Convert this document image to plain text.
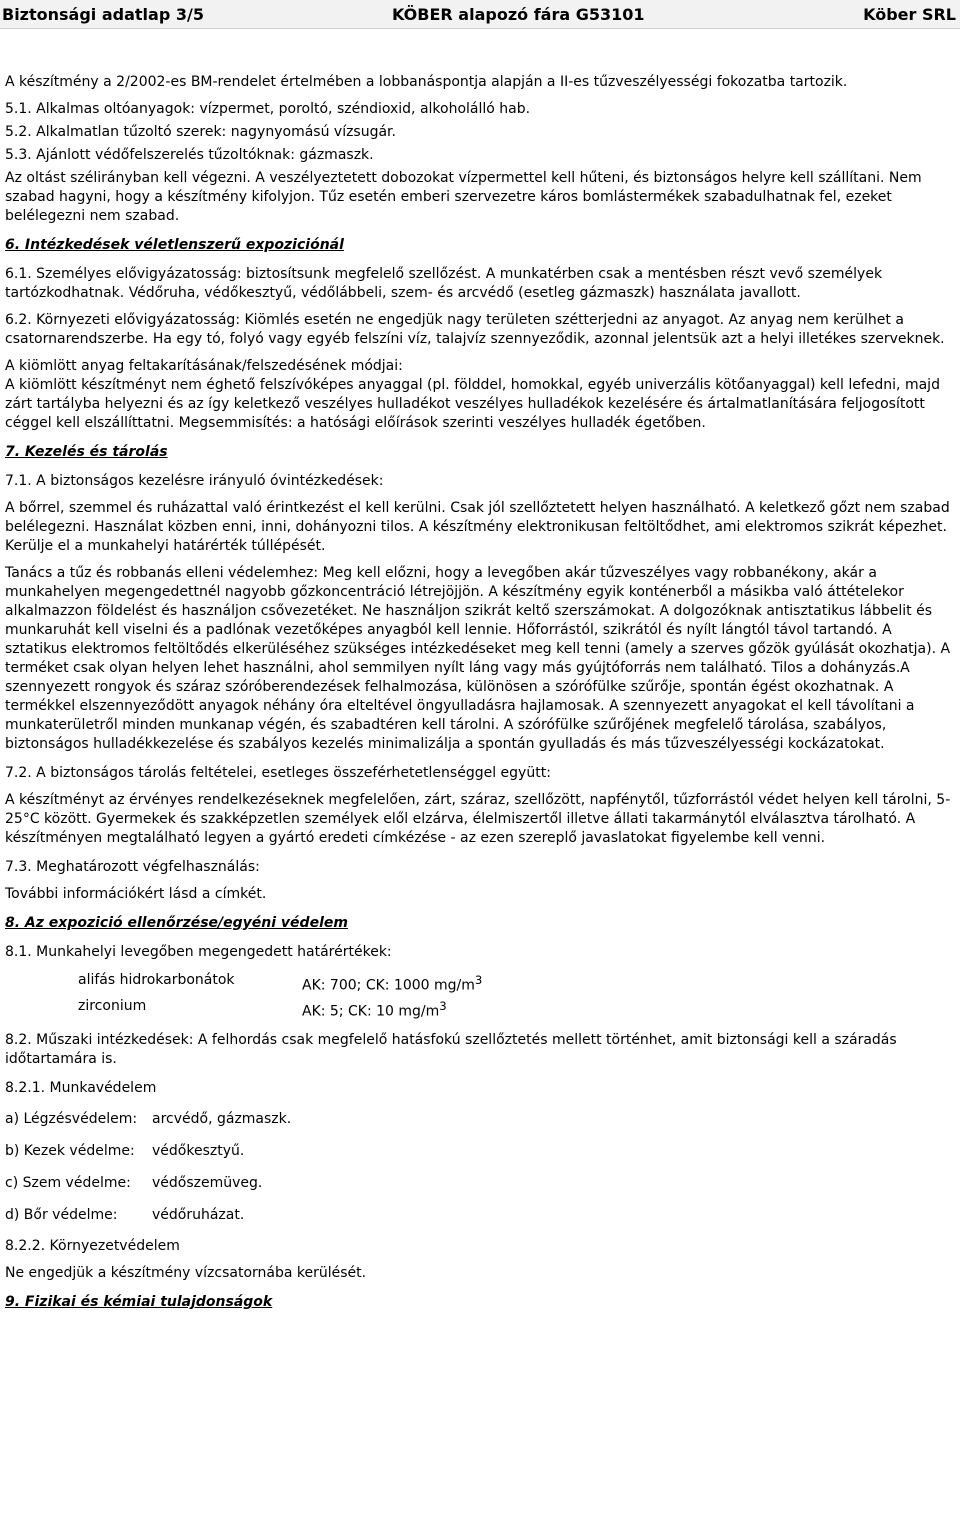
Biztonsági adatlap 3/5	KÖBER alapozó fára G53101	Köber SRL

A készítmény a 2/2002-es BM-rendelet értelmében a lobbanáspontja alapján a II-es tűzveszélyességi fokozatba tartozik.

5.1. Alkalmas oltóanyagok: vízpermet, poroltó, széndioxid, alkoholálló hab.

5.2. Alkalmatlan tűzoltó szerek: nagynyomású vízsugár.

5.3. Ajánlott védőfelszerelés tűzoltóknak: gázmaszk.

Az oltást szélirányban kell végezni. A veszélyeztetett dobozokat vízpermettel kell hűteni, és biztonságos helyre kell szállítani. Nem szabad hagyni, hogy a készítmény kifolyjon. Tűz esetén emberi szervezetre káros bomlástermékek szabadulhatnak fel, ezeket belélegezni nem szabad.

6. Intézkedések véletlenszerű expoziciónál

6.1. Személyes elővigyázatosság: biztosítsunk megfelelő szellőzést. A munkatérben csak a mentésben részt vevő személyek tartózkodhatnak. Védőruha, védőkesztyű, védőlábbeli, szem- és arcvédő (esetleg gázmaszk) használata javallott.

6.2. Környezeti elővigyázatosság: Kiömlés esetén ne engedjük nagy területen szétterjedni az anyagot. Az anyag nem kerülhet a csatornarendszerbe. Ha egy tó, folyó vagy egyéb felszíni víz, talajvíz szennyeződik, azonnal jelentsük azt a helyi illetékes szerveknek.

A kiömlött anyag feltakarításának/felszedésének módjai:

A kiömlött készítményt nem éghető felszívóképes anyaggal (pl. földdel, homokkal, egyéb univerzális kötőanyaggal) kell lefedni, majd zárt tartályba helyezni és az így keletkező veszélyes hulladékot veszélyes hulladékok kezelésére és ártalmatlanítására feljogosított céggel kell elszállíttatni. Megsemmisítés: a hatósági előírások szerinti veszélyes hulladék égetőben.

7. Kezelés és tárolás

7.1. A biztonságos kezelésre irányuló óvintézkedések:

A bőrrel, szemmel és ruházattal való érintkezést el kell kerülni. Csak jól szellőztetett helyen használható. A keletkező gőzt nem szabad belélegezni. Használat közben enni, inni, dohányozni tilos. A készítmény elektronikusan feltöltődhet, ami elektromos szikrát képezhet. Kerülje el a munkahelyi határérték túllépését.

Tanács a tűz és robbanás elleni védelemhez: Meg kell előzni, hogy a levegőben akár tűzveszélyes vagy robbanékony, akár a munkahelyen megengedettnél nagyobb gőzkoncentráció létrejöjjön. A készítmény egyik konténerből a másikba való áttételekor alkalmazzon földelést és használjon csővezetéket. Ne használjon szikrát keltő szerszámokat. A dolgozóknak antisztatikus lábbelit és munkaruhát kell viselni és a padlónak vezetőképes anyagból kell lennie. Hőforrástól, szikrától és nyílt lángtól távol tartandó. A sztatikus elektromos feltöltődés elkerüléséhez szükséges intézkedéseket meg kell tenni (amely a szerves gőzök gyúlását okozhatja). A terméket csak olyan helyen lehet használni, ahol semmilyen nyílt láng vagy más gyújtóforrás nem található. Tilos a dohányzás.A szennyezett rongyok és száraz szóróberendezések felhalmozása, különösen a szórófülke szűrője, spontán égést okozhatnak. A termékkel elszennyeződött anyagok néhány óra elteltével öngyulladásra hajlamosak. A szennyezett anyagokat el kell távolítani a munkaterületről minden munkanap végén, és szabadtéren kell tárolni. A szórófülke szűrőjének megfelelő tárolása, szabályos, biztonságos hulladékkezelése és szabályos kezelés minimalizálja a spontán gyulladás és más tűzveszélyességi kockázatokat.

7.2. A biztonságos tárolás feltételei, esetleges összeférhetetlenséggel együtt:

A készítményt az érvényes rendelkezéseknek megfelelően, zárt, száraz, szellőzött, napfénytől, tűzforrástól védet helyen kell tárolni, 5-25°C között. Gyermekek és szakképzetlen személyek elől elzárva, élelmiszertől illetve állati takarmánytól elválasztva tárolható. A készítményen megtalálható legyen a gyártó eredeti címkézése - az ezen szereplő javaslatokat figyelembe kell venni.

7.3. Meghatározott végfelhasználás:

További információkért lásd a címkét.

8. Az expozició ellenőrzése/egyéni védelem

8.1. Munkahelyi levegőben megengedett határértékek:

alifás hidrokarbonátok	AK: 700; CK: 1000 $mg/m^3$
zirconium	AK: 5; CK: 10 $mg/m^3$

8.2. Műszaki intézkedések: A felhordás csak megfelelő hatásfokú szellőztetés mellett történhet, amit biztonsági kell a száradás időtartamára is.

8.2.1. Munkavédelem

a) Légzésvédelem:	arcvédő, gázmaszk.
b) Kezek védelme:	védőkesztyű.
c) Szem védelme:	védőszemüveg.
d) Bőr védelme:	védőruházat.

8.2.2. Környezetvédelem

Ne engedjük a készítmény vízcsatornába kerülését.

9. Fizikai és kémiai tulajdonságok
